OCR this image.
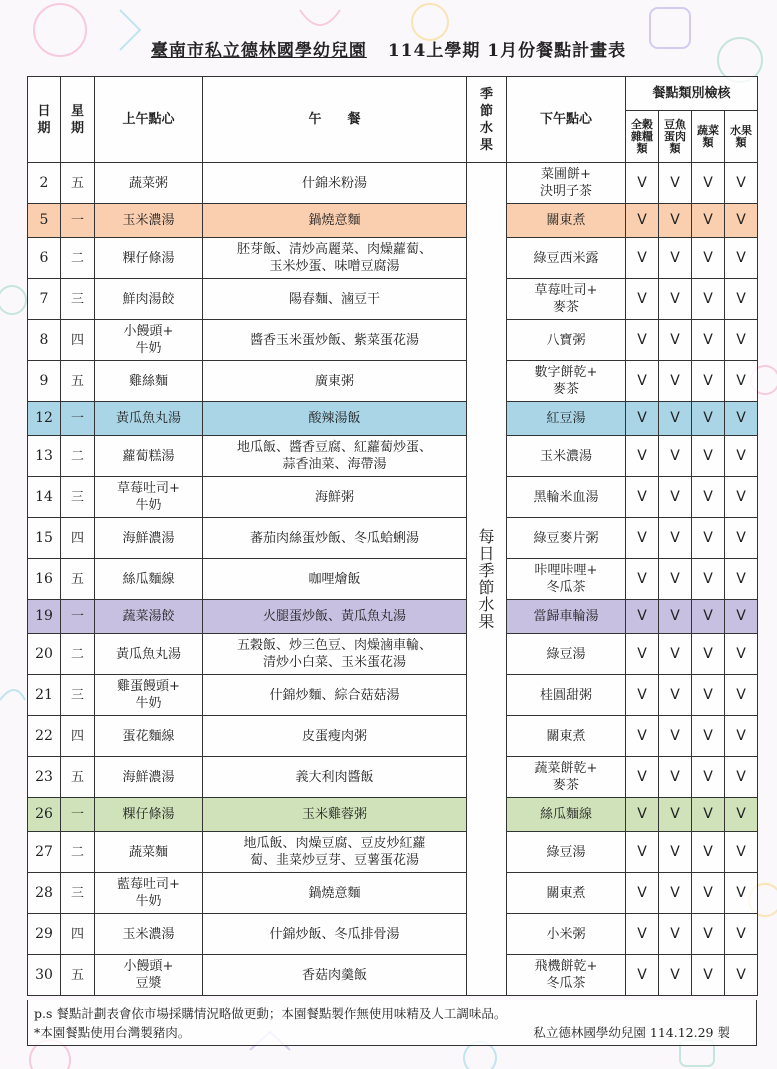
臺南市私立德林國學幼兒園 114上學期 1月份餐點計畫表
日期	星期	上午點心	午　　餐	季節水果	下午點心	餐點類別檢核			
						全穀雜糧類	豆魚蛋肉類	蔬菜類	水果類
2	五	蔬菜粥	什錦米粉湯	每日季節水果	菜圃餅+
決明子茶	V	V	V	V
5	一	玉米濃湯	鍋燒意麵		關東煮	V	V	V	V
6	二	粿仔條湯	胚芽飯、清炒高麗菜、肉燥蘿蔔、
玉米炒蛋、味噌豆腐湯		綠豆西米露	V	V	V	V
7	三	鮮肉湯餃	陽春麵、滷豆干		草莓吐司+
麥茶	V	V	V	V
8	四	小饅頭+
牛奶	醬香玉米蛋炒飯、紫菜蛋花湯		八寶粥	V	V	V	V
9	五	雞絲麵	廣東粥		數字餅乾+
麥茶	V	V	V	V
12	一	黃瓜魚丸湯	酸辣湯飯		紅豆湯	V	V	V	V
13	二	蘿蔔糕湯	地瓜飯、醬香豆腐、紅蘿蔔炒蛋、
蒜香油菜、海帶湯		玉米濃湯	V	V	V	V
14	三	草莓吐司+
牛奶	海鮮粥		黑輪米血湯	V	V	V	V
15	四	海鮮濃湯	蕃茄肉絲蛋炒飯、冬瓜蛤蜊湯		綠豆麥片粥	V	V	V	V
16	五	絲瓜麵線	咖哩燴飯		咔哩咔哩+
冬瓜茶	V	V	V	V
19	一	蔬菜湯餃	火腿蛋炒飯、黃瓜魚丸湯		當歸車輪湯	V	V	V	V
20	二	黃瓜魚丸湯	五穀飯、炒三色豆、肉燥滷車輪、
清炒小白菜、玉米蛋花湯		綠豆湯	V	V	V	V
21	三	雞蛋饅頭+
牛奶	什錦炒麵、綜合菇菇湯		桂圓甜粥	V	V	V	V
22	四	蛋花麵線	皮蛋瘦肉粥		關東煮	V	V	V	V
23	五	海鮮濃湯	義大利肉醬飯		蔬菜餅乾+
麥茶	V	V	V	V
26	一	粿仔條湯	玉米雞蓉粥		絲瓜麵線	V	V	V	V
27	二	蔬菜麵	地瓜飯、肉燥豆腐、豆皮炒紅蘿
蔔、韭菜炒豆芽、豆薯蛋花湯		綠豆湯	V	V	V	V
28	三	藍莓吐司+
牛奶	鍋燒意麵		關東煮	V	V	V	V
29	四	玉米濃湯	什錦炒飯、冬瓜排骨湯		小米粥	V	V	V	V
30	五	小饅頭+
豆漿	香菇肉羹飯		飛機餅乾+
冬瓜茶	V	V	V	V
p.s 餐點計劃表會依市場採購情況略做更動；本園餐點製作無使用味精及人工調味品。
*本園餐點使用台灣製豬肉。	私立德林國學幼兒園 114.12.29 製
